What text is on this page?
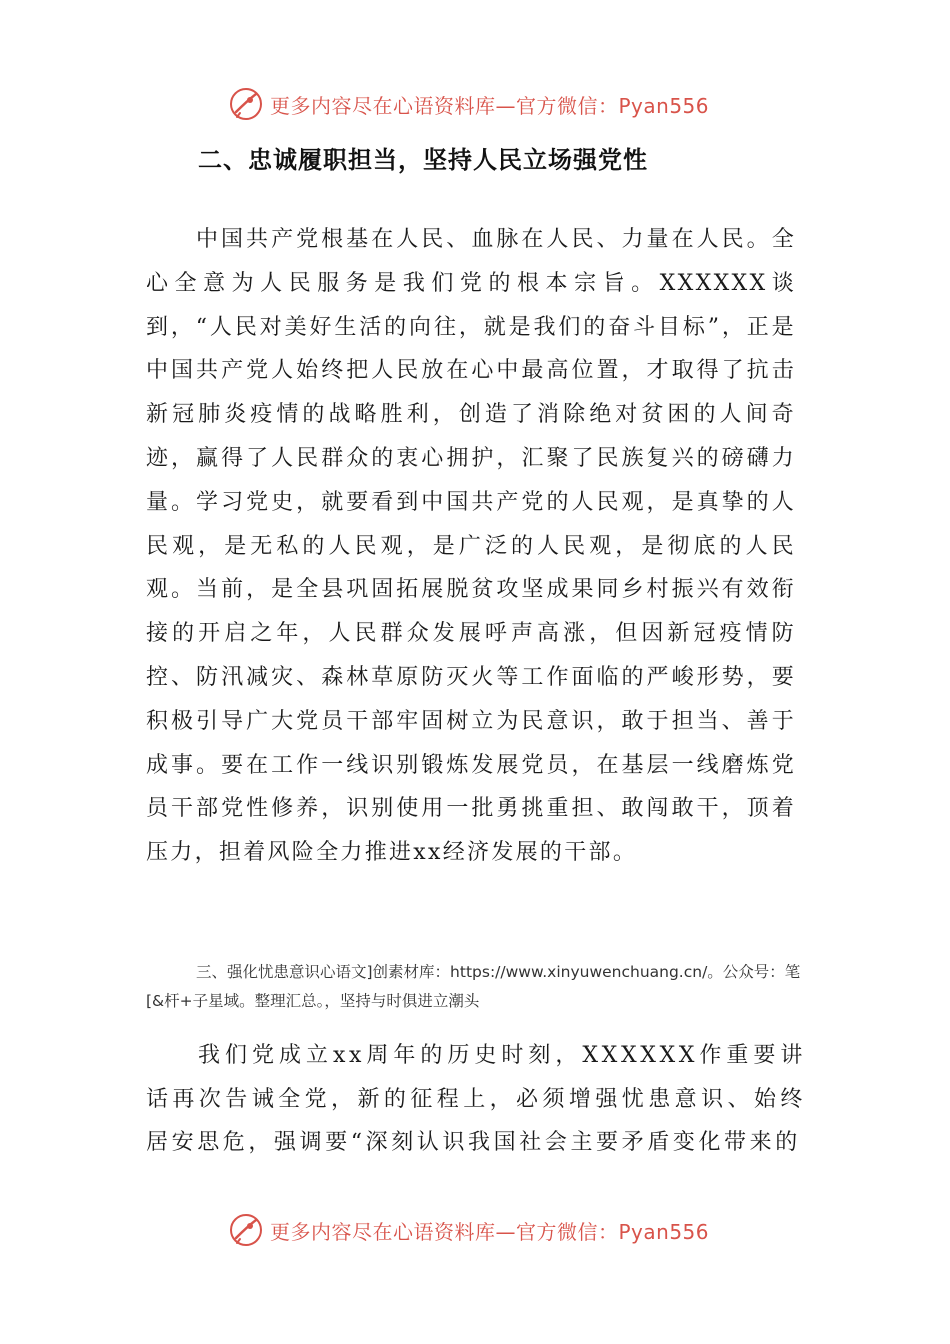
更多内容尽在心语资料库—官方微信：Pyan556
二、忠诚履职担当，坚持人民立场强党性

中国共产党根基在人民、血脉在人民、力量在人民。全心全意为人民服务是我们党的根本宗旨。XXXXXX谈到，“人民对美好生活的向往，就是我们的奋斗目标”，正是中国共产党人始终把人民放在心中最高位置，才取得了抗击新冠肺炎疫情的战略胜利，创造了消除绝对贫困的人间奇迹，赢得了人民群众的衷心拥护，汇聚了民族复兴的磅礴力量。学习党史，就要看到中国共产党的人民观，是真挚的人民观，是无私的人民观，是广泛的人民观，是彻底的人民观。当前，是全县巩固拓展脱贫攻坚成果同乡村振兴有效衔接的开启之年，人民群众发展呼声高涨，但因新冠疫情防控、防汛减灾、森林草原防灭火等工作面临的严峻形势，要积极引导广大党员干部牢固树立为民意识，敢于担当、善于成事。要在工作一线识别锻炼发展党员，在基层一线磨炼党员干部党性修养，识别使用一批勇挑重担、敢闯敢干，顶着压力，担着风险全力推进xx经济发展的干部。

三、强化忧患意识心语文]创素材库：https://www.xinyuwenchuang.cn/。公众号：笔[&杆+子星域。整理汇总。，坚持与时俱进立潮头

我们党成立xx周年的历史时刻，XXXXXX作重要讲话再次告诫全党，新的征程上，必须增强忧患意识、始终居安思危，强调要“深刻认识我国社会主要矛盾变化带来的

更多内容尽在心语资料库—官方微信：Pyan556
